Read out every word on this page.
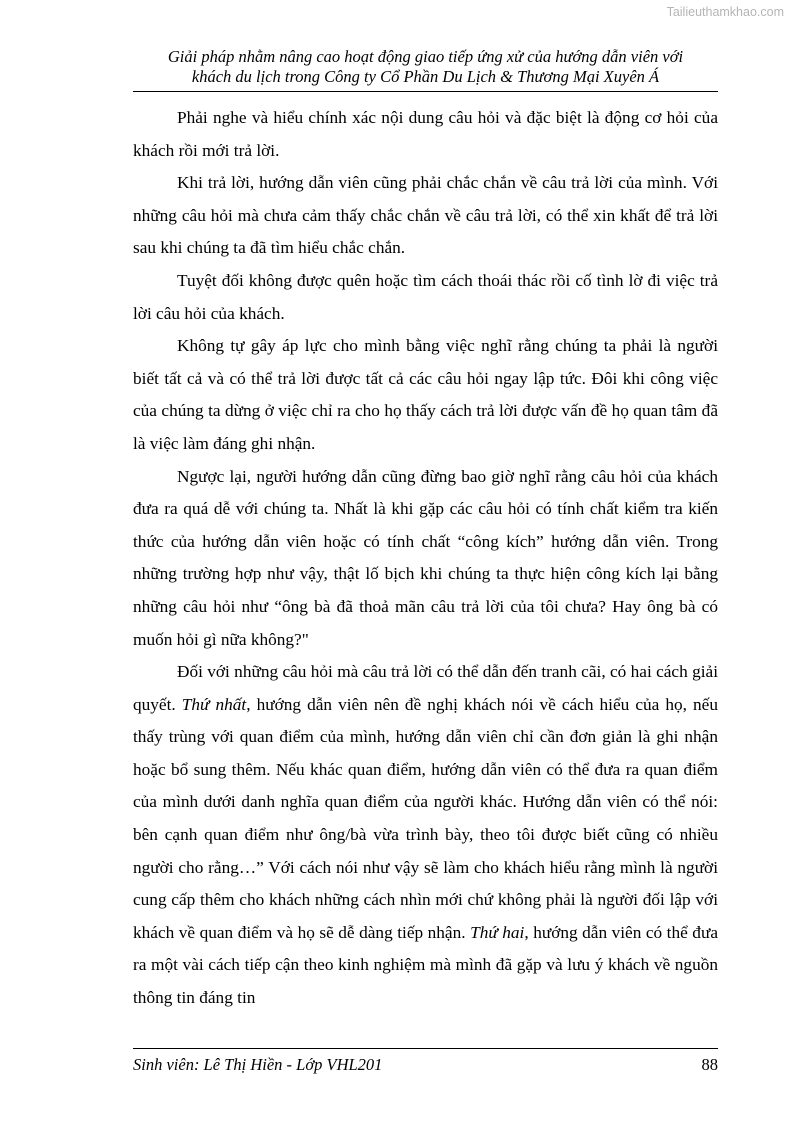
Tailieuthamkhao.com
Giải pháp nhằm nâng cao hoạt động giao tiếp ứng xử của hướng dẫn viên với
khách du lịch trong Công ty Cổ Phần Du Lịch & Thương Mại Xuyên Á

Phải nghe và hiểu chính xác nội dung câu hỏi và đặc biệt là động cơ hỏi của khách rồi mới trả lời.

Khi trả lời, hướng dẫn viên cũng phải chắc chắn về câu trả lời của mình. Với những câu hỏi mà chưa cảm thấy chắc chắn về câu trả lời, có thể xin khất để trả lời sau khi chúng ta đã tìm hiểu chắc chắn.

Tuyệt đối không được quên hoặc tìm cách thoái thác rồi cố tình lờ đi việc trả lời câu hỏi của khách.

Không tự gây áp lực cho mình bằng việc nghĩ rằng chúng ta phải là người biết tất cả và có thể trả lời được tất cả các câu hỏi ngay lập tức. Đôi khi công việc của chúng ta dừng ở việc chỉ ra cho họ thấy cách trả lời được vấn đề họ quan tâm đã là việc làm đáng ghi nhận.

Ngược lại, người hướng dẫn cũng đừng bao giờ nghĩ rằng câu hỏi của khách đưa ra quá dễ với chúng ta. Nhất là khi gặp các câu hỏi có tính chất kiểm tra kiến thức của hướng dẫn viên hoặc có tính chất “công kích” hướng dẫn viên. Trong những trường hợp như vậy, thật lố bịch khi chúng ta thực hiện công kích lại bằng những câu hỏi như “ông bà đã thoả mãn câu trả lời của tôi chưa? Hay ông bà có muốn hỏi gì nữa không?"

Đối với những câu hỏi mà câu trả lời có thể dẫn đến tranh cãi, có hai cách giải quyết. Thứ nhất, hướng dẫn viên nên đề nghị khách nói về cách hiểu của họ, nếu thấy trùng với quan điểm của mình, hướng dẫn viên chỉ cần đơn giản là ghi nhận hoặc bổ sung thêm. Nếu khác quan điểm, hướng dẫn viên có thể đưa ra quan điểm của mình dưới danh nghĩa quan điểm của người khác. Hướng dẫn viên có thể nói: bên cạnh quan điểm như ông/bà vừa trình bày, theo tôi được biết cũng có nhiều người cho rằng…” Với cách nói như vậy sẽ làm cho khách hiểu rằng mình là người cung cấp thêm cho khách những cách nhìn mới chứ không phải là người đối lập với khách về quan điểm và họ sẽ dễ dàng tiếp nhận. Thứ hai, hướng dẫn viên có thể đưa ra một vài cách tiếp cận theo kinh nghiệm mà mình đã gặp và lưu ý khách về nguồn thông tin đáng tin

Sinh viên: Lê Thị Hiền - Lớp VHL201	88
